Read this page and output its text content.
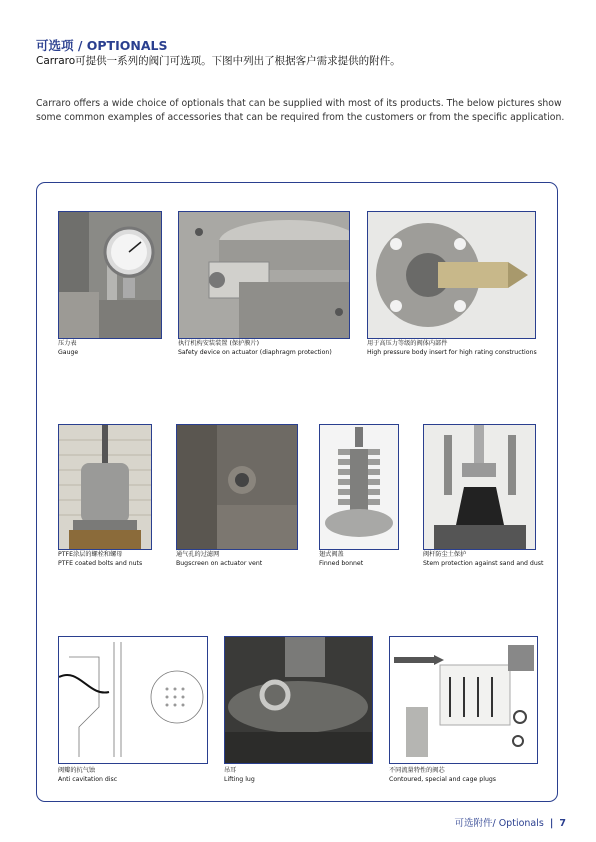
可选项 / OPTIONALS
Carraro可提供一系列的阀门可选项。下图中列出了根据客户需求提供的附件。
Carraro offers a wide choice of optionals that can be supplied with most of its products. The below pictures show some common examples of accessories that can be required from the customers or from the specific application.
压力表
Gauge
执行机构安装装置 (保护膜片)
Safety device on actuator (diaphragm protection)
用于高压力等级的阀体内部件
High pressure body insert for high rating constructions
PTFE涂层的螺栓和螺母
PTFE coated bolts and nuts
通气孔的过滤网
Bugscreen on actuator vent
翅式阀盖
Finned bonnet
阀杆防尘土保护
Stem protection against sand and dust
阀瓣的抗气蚀
Anti cavitation disc
吊耳
Lifting lug
不同流量特性的阀芯
Contoured, special and cage plugs
可选附件/ Optionals | 7
